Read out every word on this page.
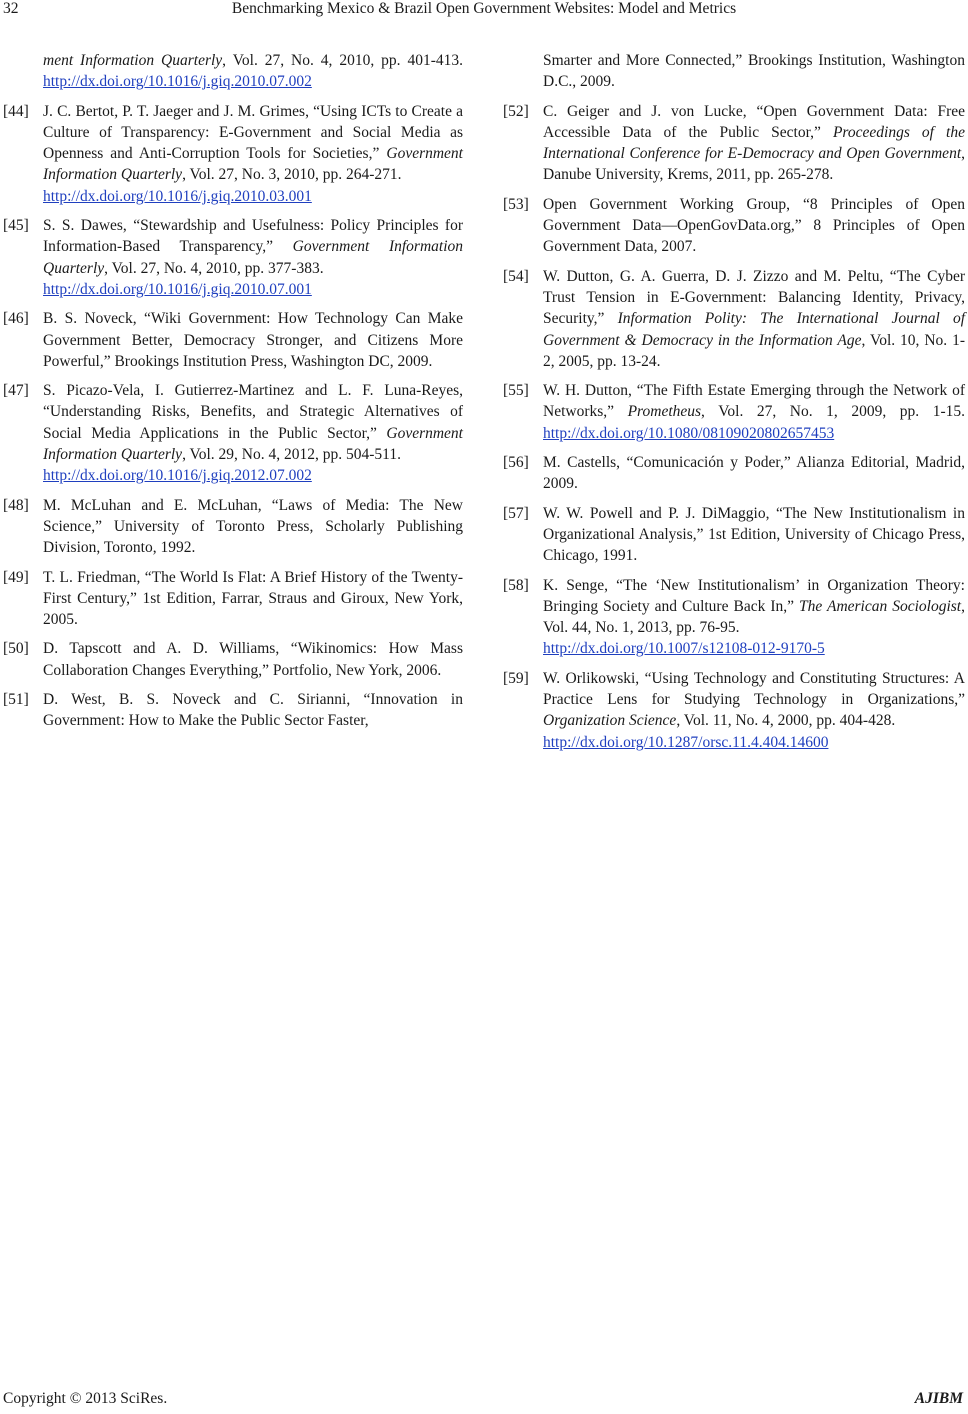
32	Benchmarking Mexico & Brazil Open Government Websites: Model and Metrics
ment Information Quarterly, Vol. 27, No. 4, 2010, pp. 401-413. http://dx.doi.org/10.1016/j.giq.2010.07.002
[44] J. C. Bertot, P. T. Jaeger and J. M. Grimes, “Using ICTs to Create a Culture of Transparency: E-Government and Social Media as Openness and Anti-Corruption Tools for Societies,” Government Information Quarterly, Vol. 27, No. 3, 2010, pp. 264-271.
http://dx.doi.org/10.1016/j.giq.2010.03.001
[45] S. S. Dawes, “Stewardship and Usefulness: Policy Principles for Information-Based Transparency,” Government Information Quarterly, Vol. 27, No. 4, 2010, pp. 377-383.
http://dx.doi.org/10.1016/j.giq.2010.07.001
[46] B. S. Noveck, “Wiki Government: How Technology Can Make Government Better, Democracy Stronger, and Citizens More Powerful,” Brookings Institution Press, Washington DC, 2009.
[47] S. Picazo-Vela, I. Gutierrez-Martinez and L. F. Luna-Reyes, “Understanding Risks, Benefits, and Strategic Alternatives of Social Media Applications in the Public Sector,” Government Information Quarterly, Vol. 29, No. 4, 2012, pp. 504-511.
http://dx.doi.org/10.1016/j.giq.2012.07.002
[48] M. McLuhan and E. McLuhan, “Laws of Media: The New Science,” University of Toronto Press, Scholarly Publishing Division, Toronto, 1992.
[49] T. L. Friedman, “The World Is Flat: A Brief History of the Twenty-First Century,” 1st Edition, Farrar, Straus and Giroux, New York, 2005.
[50] D. Tapscott and A. D. Williams, “Wikinomics: How Mass Collaboration Changes Everything,” Portfolio, New York, 2006.
[51] D. West, B. S. Noveck and C. Sirianni, “Innovation in Government: How to Make the Public Sector Faster,
Smarter and More Connected,” Brookings Institution, Washington D.C., 2009.
[52] C. Geiger and J. von Lucke, “Open Government Data: Free Accessible Data of the Public Sector,” Proceedings of the International Conference for E-Democracy and Open Government, Danube University, Krems, 2011, pp. 265-278.
[53] Open Government Working Group, “8 Principles of Open Government Data—OpenGovData.org,” 8 Principles of Open Government Data, 2007.
[54] W. Dutton, G. A. Guerra, D. J. Zizzo and M. Peltu, “The Cyber Trust Tension in E-Government: Balancing Identity, Privacy, Security,” Information Polity: The International Journal of Government & Democracy in the Information Age, Vol. 10, No. 1-2, 2005, pp. 13-24.
[55] W. H. Dutton, “The Fifth Estate Emerging through the Network of Networks,” Prometheus, Vol. 27, No. 1, 2009, pp. 1-15. http://dx.doi.org/10.1080/08109020802657453
[56] M. Castells, “Comunicación y Poder,” Alianza Editorial, Madrid, 2009.
[57] W. W. Powell and P. J. DiMaggio, “The New Institutionalism in Organizational Analysis,” 1st Edition, University of Chicago Press, Chicago, 1991.
[58] K. Senge, “The ‘New Institutionalism’ in Organization Theory: Bringing Society and Culture Back In,” The American Sociologist, Vol. 44, No. 1, 2013, pp. 76-95.
http://dx.doi.org/10.1007/s12108-012-9170-5
[59] W. Orlikowski, “Using Technology and Constituting Structures: A Practice Lens for Studying Technology in Organizations,” Organization Science, Vol. 11, No. 4, 2000, pp. 404-428.
http://dx.doi.org/10.1287/orsc.11.4.404.14600
Copyright © 2013 SciRes.	AJIBM
